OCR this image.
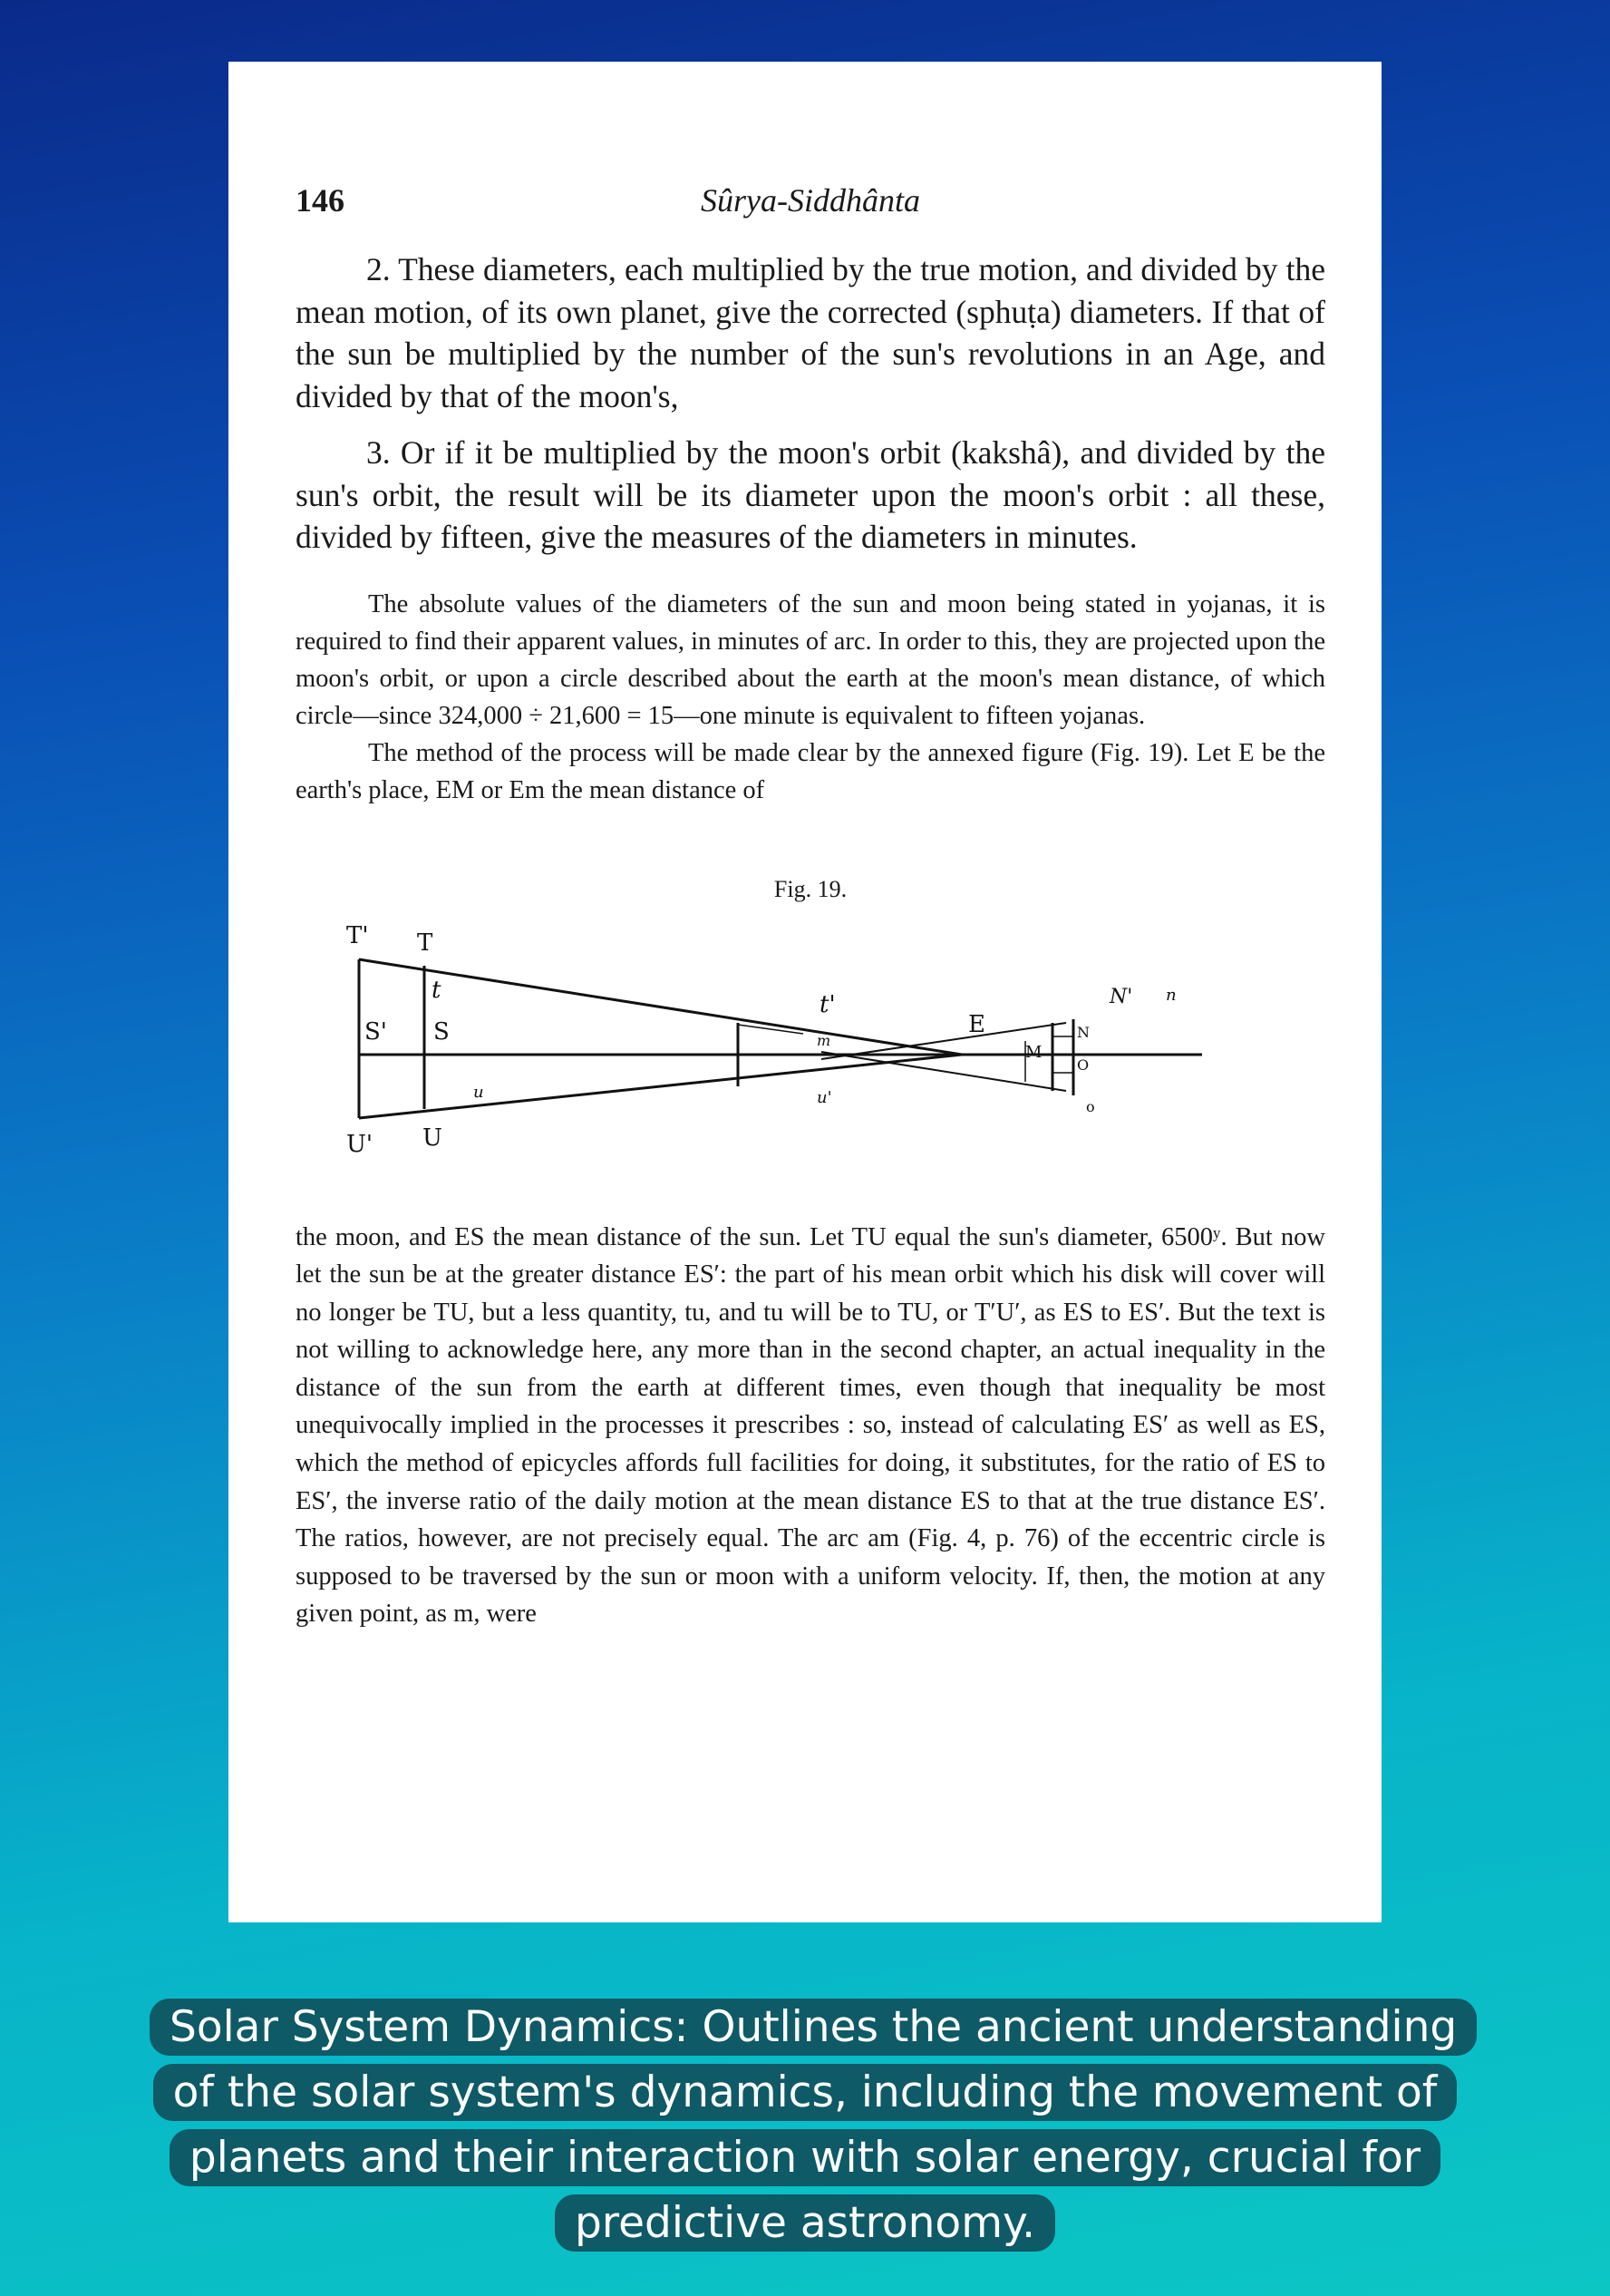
146	Sûrya-Siddhânta

2. These diameters, each multiplied by the true motion, and divided by the mean motion, of its own planet, give the corrected (sphuṭa) diameters. If that of the sun be multiplied by the number of the sun's revolutions in an Age, and divided by that of the moon's,

3. Or if it be multiplied by the moon's orbit (kakshâ), and divided by the sun's orbit, the result will be its diameter upon the moon's orbit : all these, divided by fifteen, give the measures of the diameters in minutes.

The absolute values of the diameters of the sun and moon being stated in yojanas, it is required to find their apparent values, in minutes of arc. In order to this, they are projected upon the moon's orbit, or upon a circle described about the earth at the moon's mean distance, of which circle—since 324,000 ÷ 21,600 = 15—one minute is equivalent to fifteen yojanas.

The method of the process will be made clear by the annexed figure (Fig. 19). Let E be the earth's place, EM or Em the mean distance of

Fig. 19.
T' T
t
S' S
u
U' U
t'
m
u'
E
N' n
M
N
O
o

the moon, and ES the mean distance of the sun. Let TU equal the sun's diameter, 6500ʸ. But now let the sun be at the greater distance ES′: the part of his mean orbit which his disk will cover will no longer be TU, but a less quantity, tu, and tu will be to TU, or T′U′, as ES to ES′. But the text is not willing to acknowledge here, any more than in the second chapter, an actual inequality in the distance of the sun from the earth at different times, even though that inequality be most unequivocally implied in the processes it prescribes : so, instead of calculating ES′ as well as ES, which the method of epicycles affords full facilities for doing, it substitutes, for the ratio of ES to ES′, the inverse ratio of the daily motion at the mean distance ES to that at the true distance ES′. The ratios, however, are not precisely equal. The arc am (Fig. 4, p. 76) of the eccentric circle is supposed to be traversed by the sun or moon with a uniform velocity. If, then, the motion at any given point, as m, were

Solar System Dynamics: Outlines the ancient understanding of the solar system's dynamics, including the movement of planets and their interaction with solar energy, crucial for predictive astronomy.
